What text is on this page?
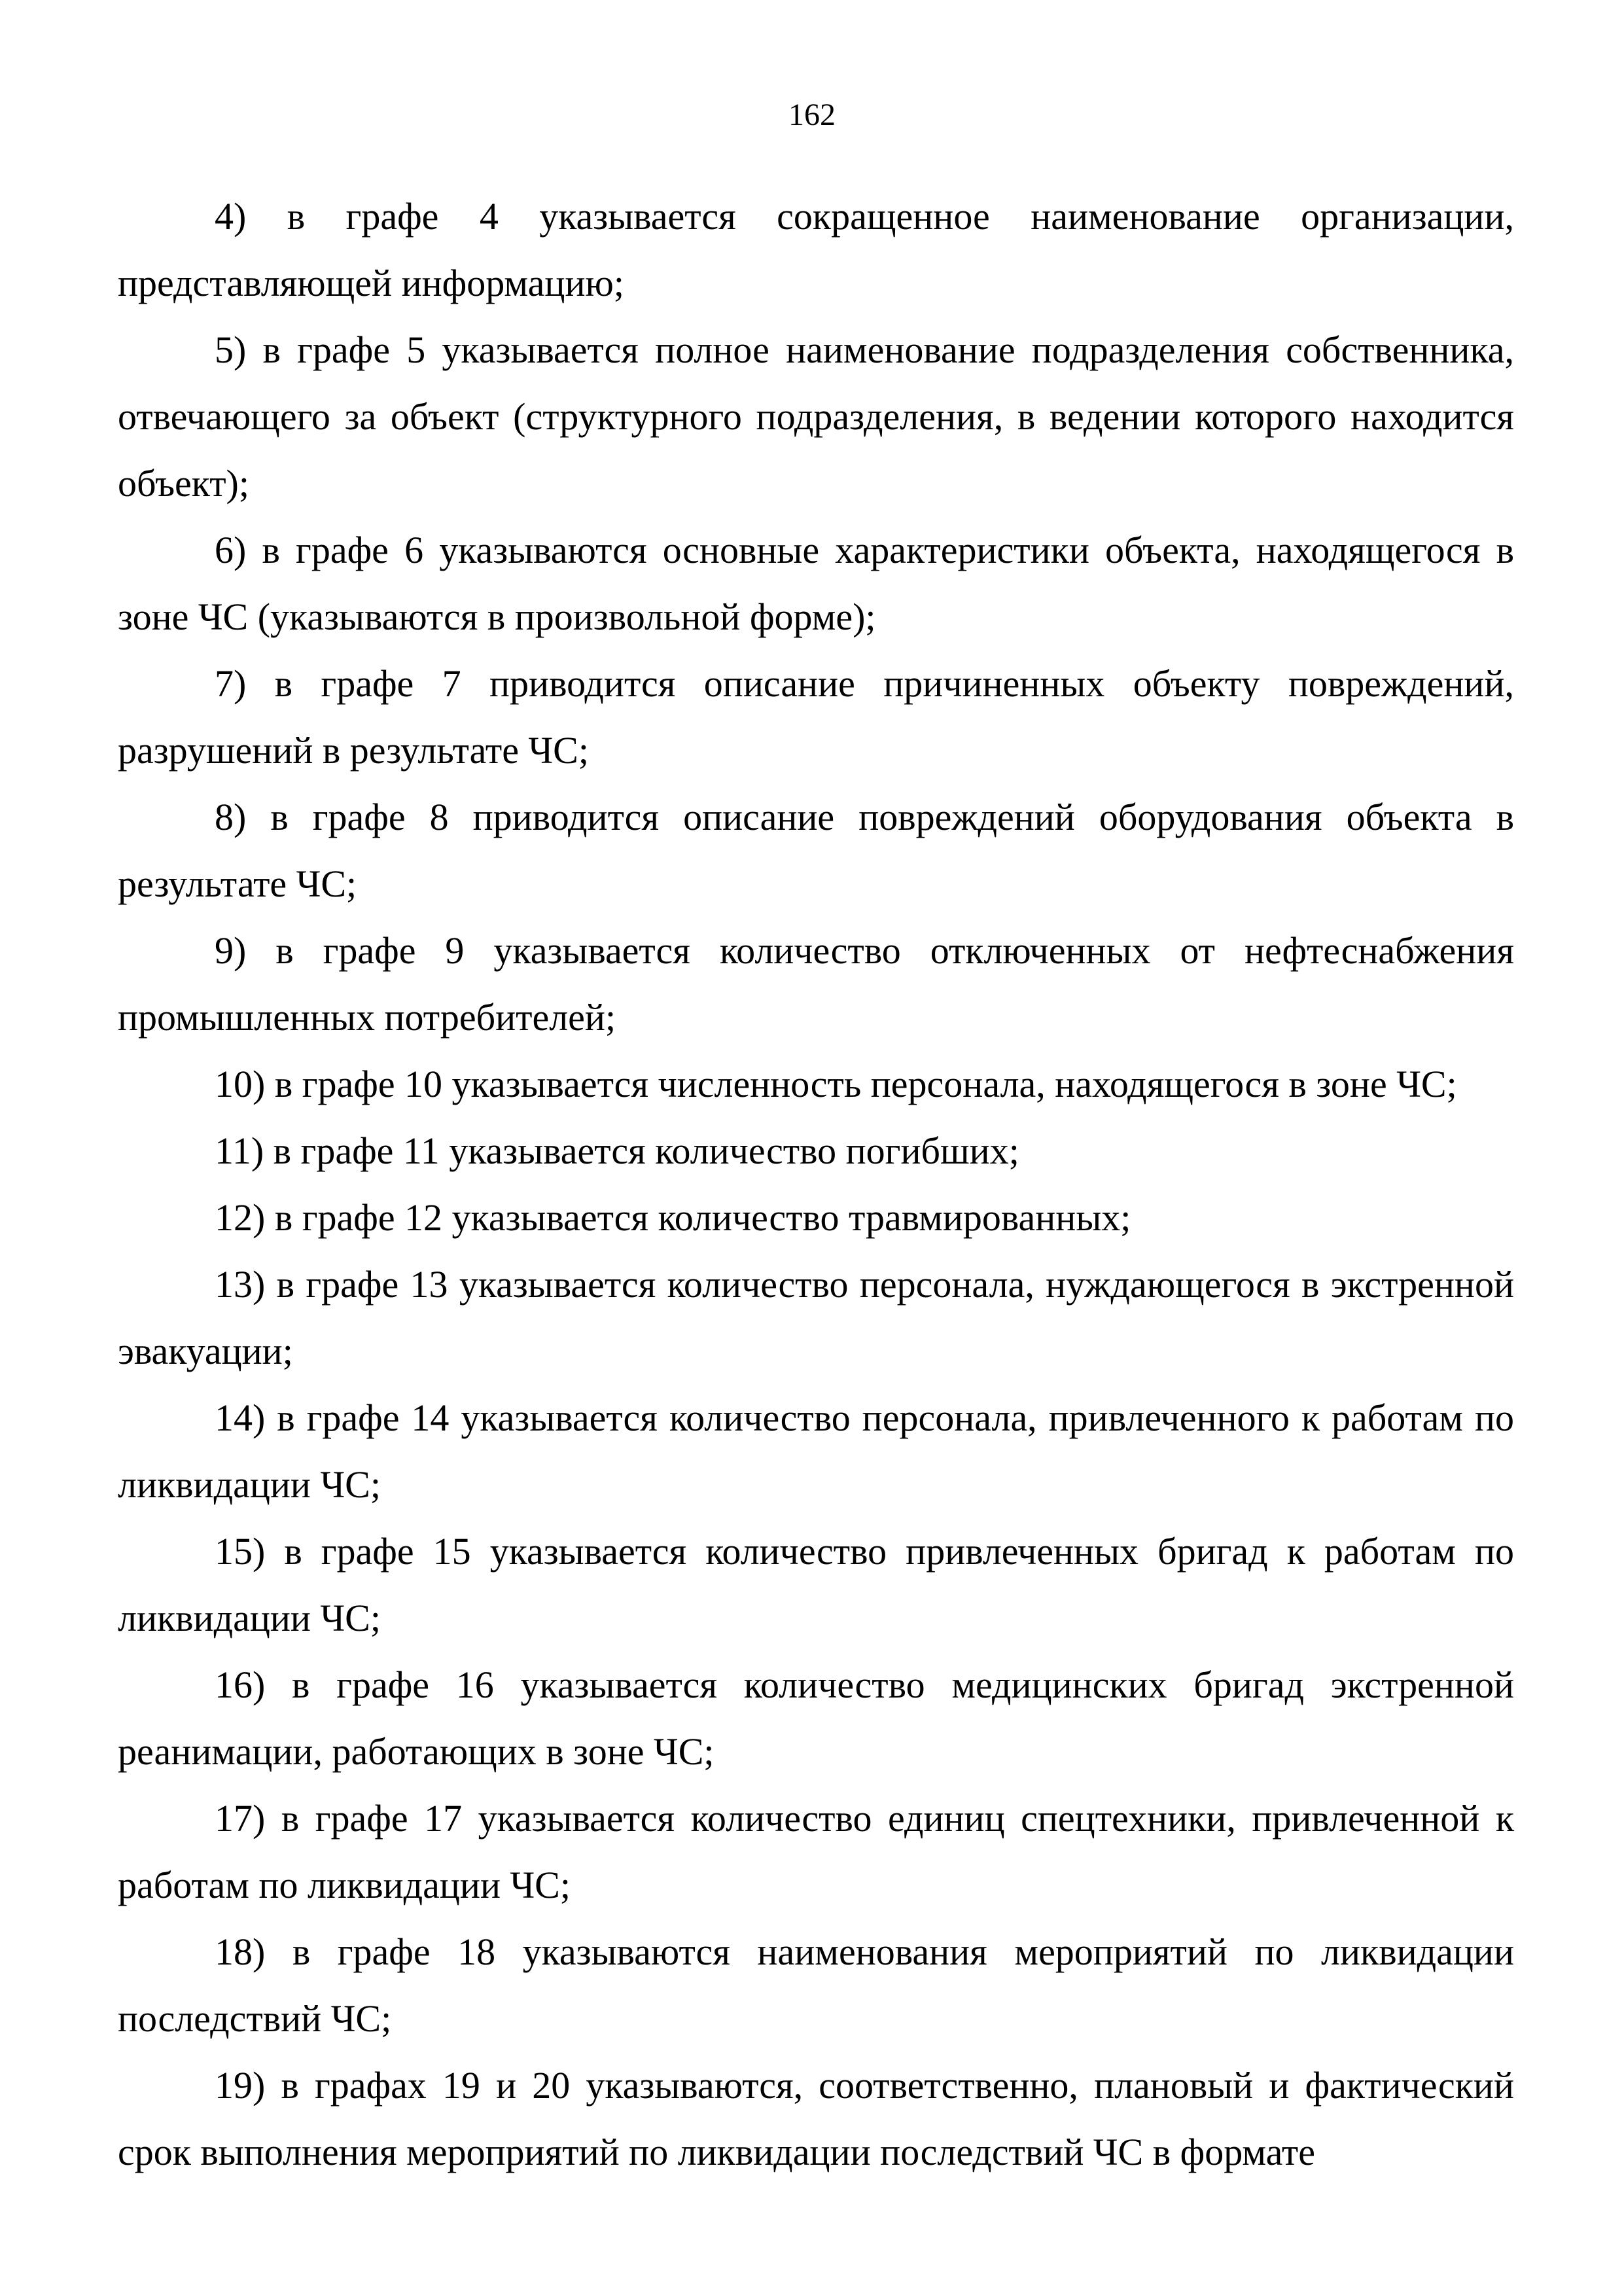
162

4) в графе 4 указывается сокращенное наименование организации, представляющей информацию;

5) в графе 5 указывается полное наименование подразделения собственника, отвечающего за объект (структурного подразделения, в ведении которого находится объект);

6) в графе 6 указываются основные характеристики объекта, находящегося в зоне ЧС (указываются в произвольной форме);

7) в графе 7 приводится описание причиненных объекту повреждений, разрушений в результате ЧС;

8) в графе 8 приводится описание повреждений оборудования объекта в результате ЧС;

9) в графе 9 указывается количество отключенных от нефтеснабжения промышленных потребителей;

10) в графе 10 указывается численность персонала, находящегося в зоне ЧС;

11) в графе 11 указывается количество погибших;

12) в графе 12 указывается количество травмированных;

13) в графе 13 указывается количество персонала, нуждающегося в экстренной эвакуации;

14) в графе 14 указывается количество персонала, привлеченного к работам по ликвидации ЧС;

15) в графе 15 указывается количество привлеченных бригад к работам по ликвидации ЧС;

16) в графе 16 указывается количество медицинских бригад экстренной реанимации, работающих в зоне ЧС;

17) в графе 17 указывается количество единиц спецтехники, привлеченной к работам по ликвидации ЧС;

18) в графе 18 указываются наименования мероприятий по ликвидации последствий ЧС;

19) в графах 19 и 20 указываются, соответственно, плановый и фактический срок выполнения мероприятий по ликвидации последствий ЧС в формате
